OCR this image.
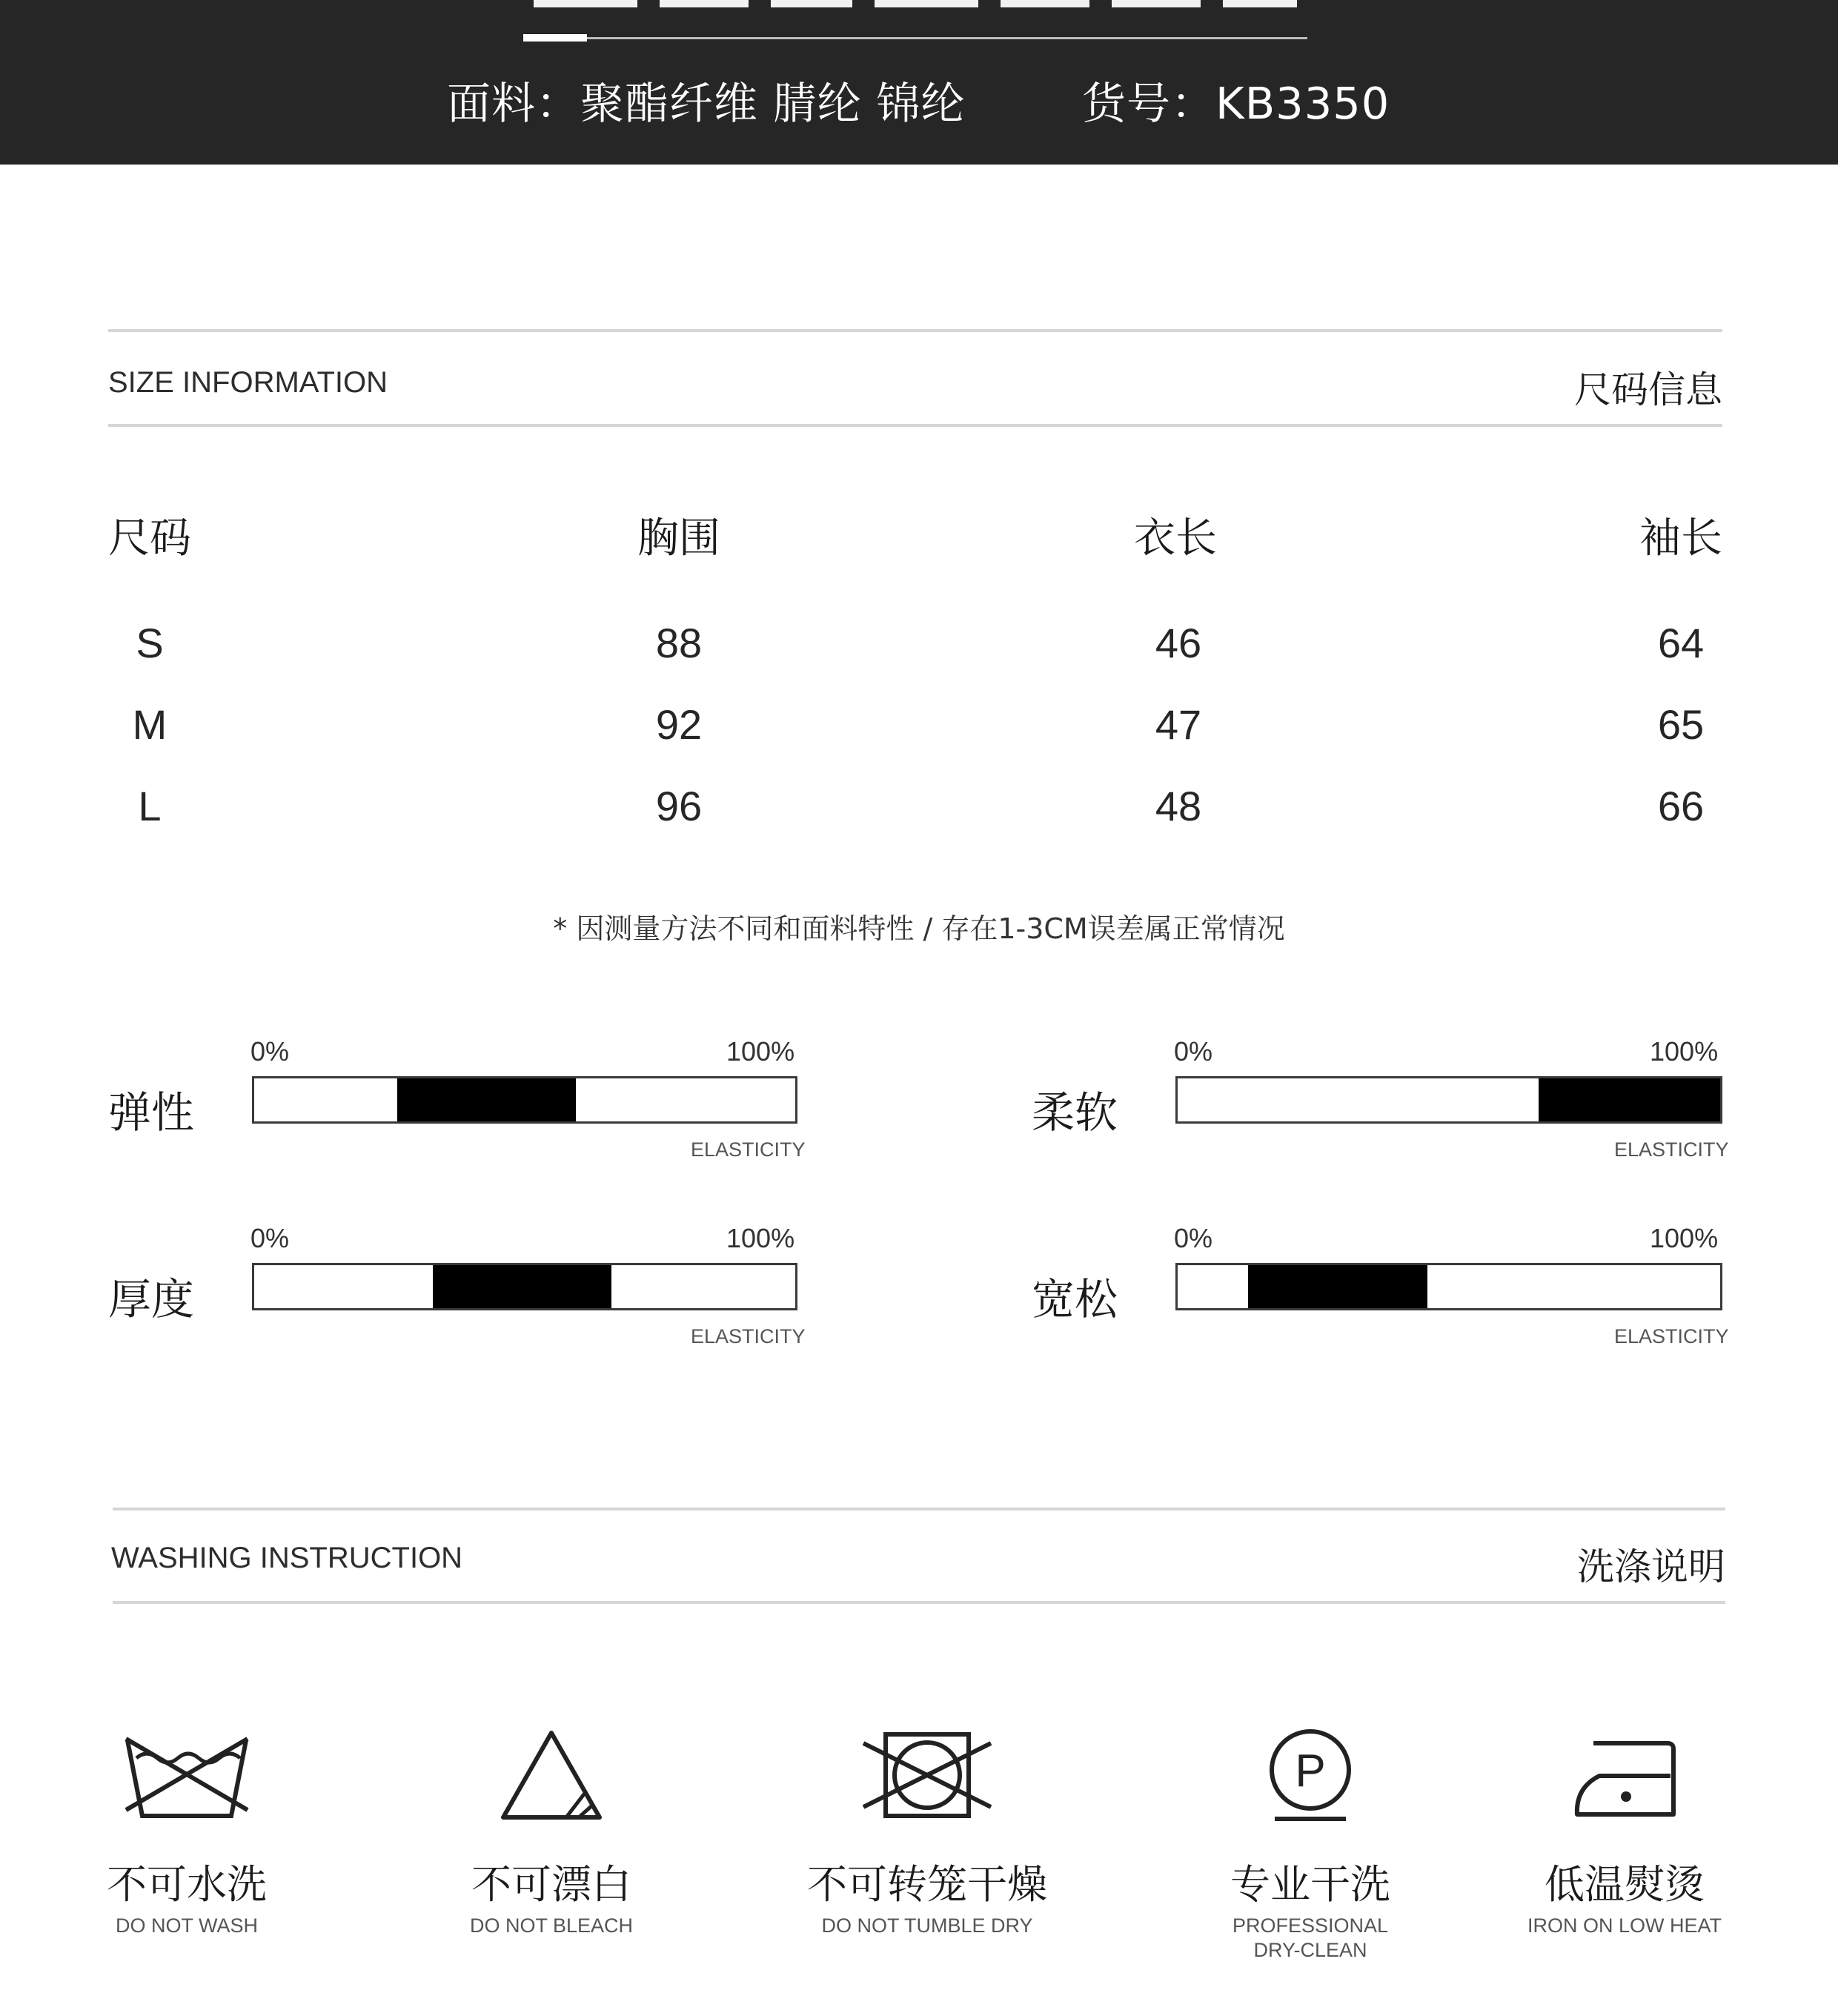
面料：聚酯纤维 腈纶 锦纶	货号：KB3350
SIZE INFORMATION	尺码信息
尺码	胸围	衣长	袖长
S	88	46	64
M	92	47	65
L	96	48	66
* 因测量方法不同和面料特性 / 存在1-3CM误差属正常情况
弹性
0%	100%
ELASTICITY
柔软
0%	100%
ELASTICITY
厚度
0%	100%
ELASTICITY
宽松
0%	100%
ELASTICITY
WASHING INSTRUCTION	洗涤说明
不可水洗
DO NOT WASH
不可漂白
DO NOT BLEACH
不可转笼干燥
DO NOT TUMBLE DRY
P
专业干洗
PROFESSIONAL
DRY-CLEAN
低温熨烫
IRON ON LOW HEAT
